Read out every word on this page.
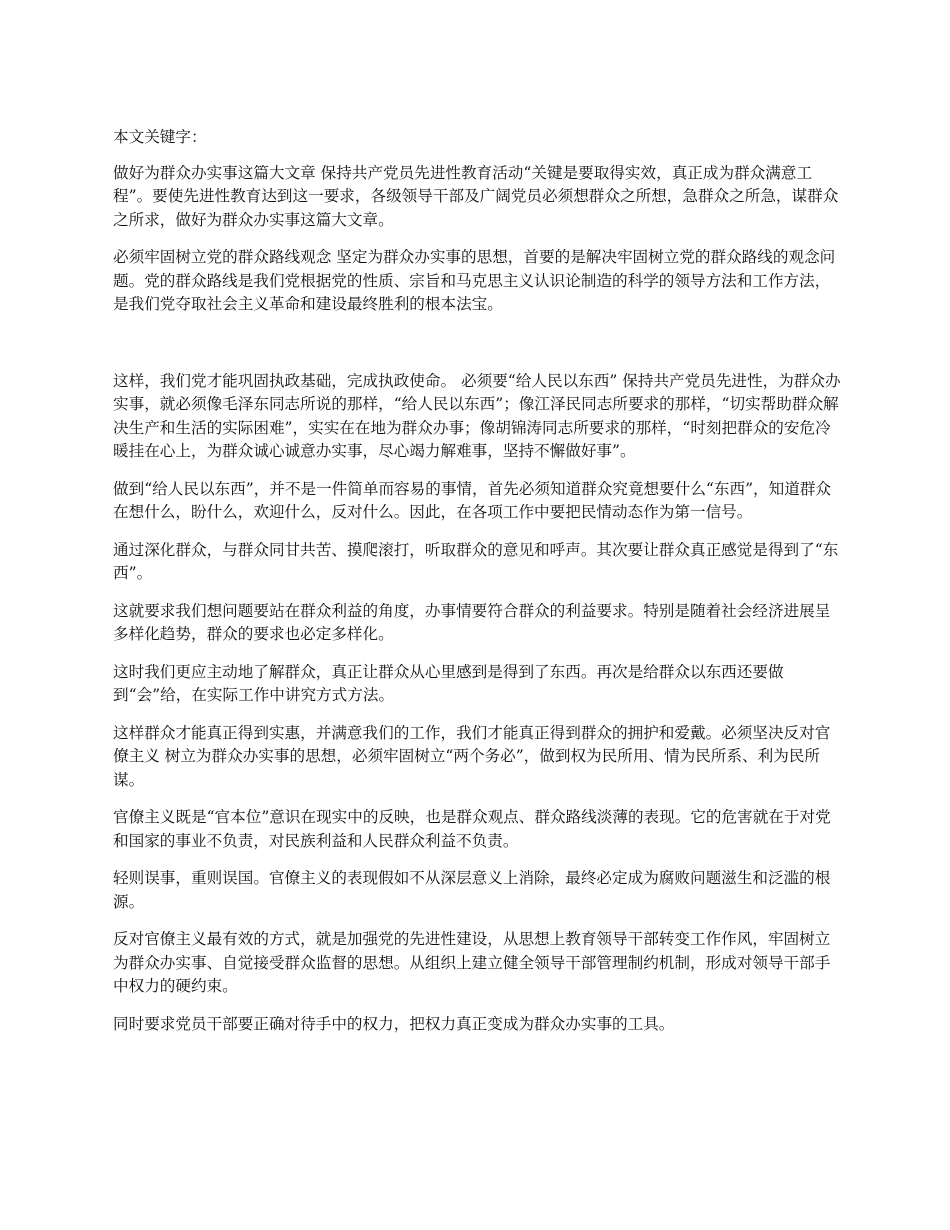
本文关键字：

做好为群众办实事这篇大文章 保持共产党员先进性教育活动“关键是要取得实效，真正成为群众满意工程”。要使先进性教育达到这一要求，各级领导干部及广阔党员必须想群众之所想，急群众之所急，谋群众之所求，做好为群众办实事这篇大文章。

必须牢固树立党的群众路线观念 坚定为群众办实事的思想，首要的是解决牢固树立党的群众路线的观念问题。党的群众路线是我们党根据党的性质、宗旨和马克思主义认识论制造的科学的领导方法和工作方法，是我们党夺取社会主义革命和建设最终胜利的根本法宝。

这样，我们党才能巩固执政基础，完成执政使命。 必须要“给人民以东西” 保持共产党员先进性，为群众办实事，就必须像毛泽东同志所说的那样，“给人民以东西”；像江泽民同志所要求的那样，“切实帮助群众解决生产和生活的实际困难”，实实在在地为群众办事；像胡锦涛同志所要求的那样，“时刻把群众的安危冷暖挂在心上，为群众诚心诚意办实事，尽心竭力解难事，坚持不懈做好事”。

做到“给人民以东西”，并不是一件简单而容易的事情，首先必须知道群众究竟想要什么“东西”，知道群众在想什么，盼什么，欢迎什么，反对什么。因此，在各项工作中要把民情动态作为第一信号。

通过深化群众，与群众同甘共苦、摸爬滚打，听取群众的意见和呼声。其次要让群众真正感觉是得到了“东西”。

这就要求我们想问题要站在群众利益的角度，办事情要符合群众的利益要求。特别是随着社会经济进展呈多样化趋势，群众的要求也必定多样化。

这时我们更应主动地了解群众，真正让群众从心里感到是得到了东西。再次是给群众以东西还要做到“会”给，在实际工作中讲究方式方法。

这样群众才能真正得到实惠，并满意我们的工作，我们才能真正得到群众的拥护和爱戴。必须坚决反对官僚主义 树立为群众办实事的思想，必须牢固树立“两个务必”，做到权为民所用、情为民所系、利为民所谋。

官僚主义既是“官本位”意识在现实中的反映，也是群众观点、群众路线淡薄的表现。它的危害就在于对党和国家的事业不负责，对民族利益和人民群众利益不负责。

轻则误事，重则误国。官僚主义的表现假如不从深层意义上消除，最终必定成为腐败问题滋生和泛滥的根源。

反对官僚主义最有效的方式，就是加强党的先进性建设，从思想上教育领导干部转变工作作风，牢固树立为群众办实事、自觉接受群众监督的思想。从组织上建立健全领导干部管理制约机制，形成对领导干部手中权力的硬约束。

同时要求党员干部要正确对待手中的权力，把权力真正变成为群众办实事的工具。
